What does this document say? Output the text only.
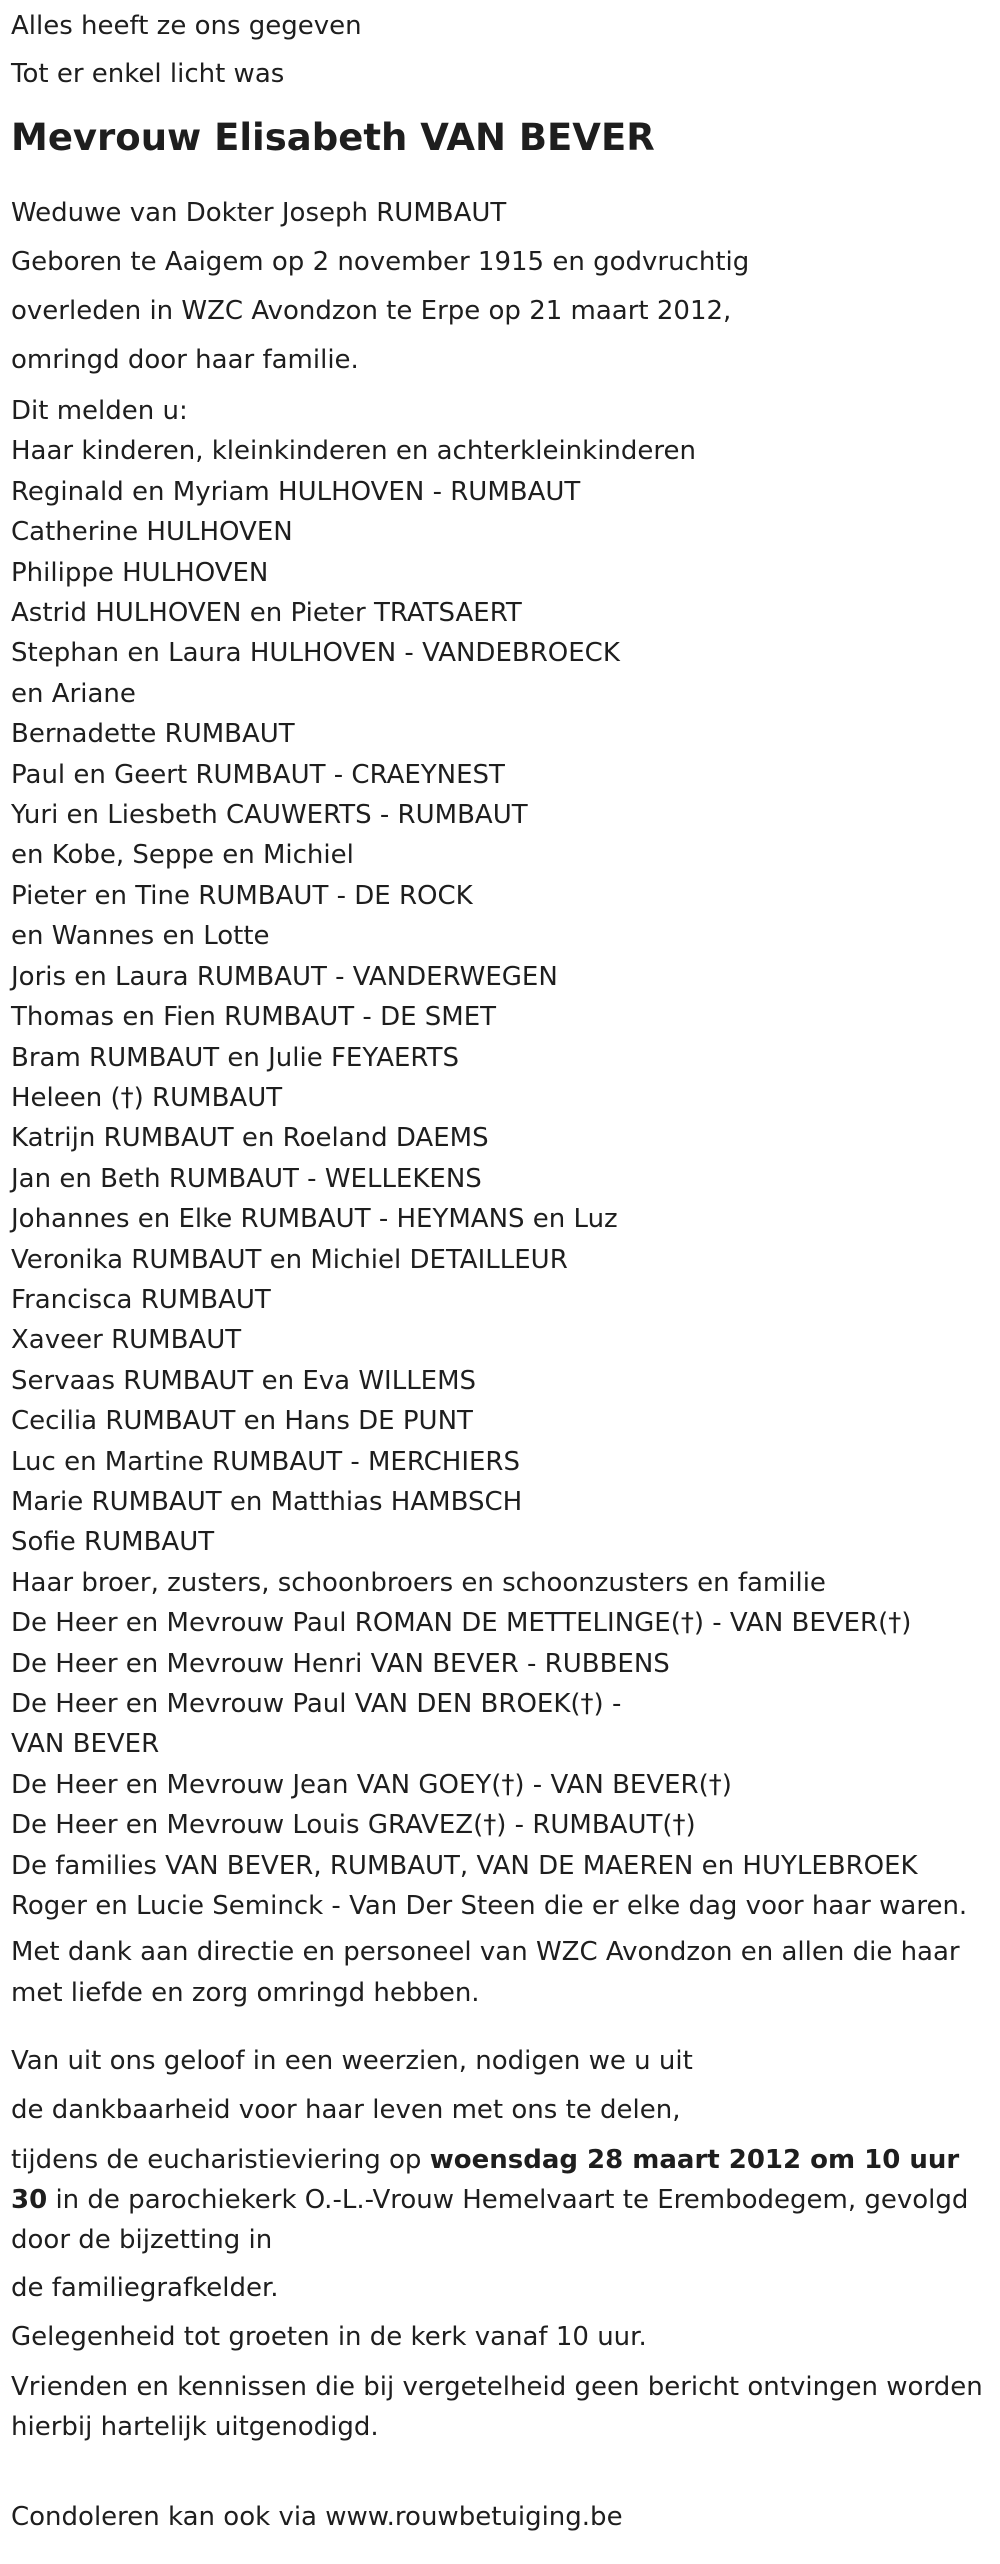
Alles heeft ze ons gegeven

Tot er enkel licht was

Mevrouw Elisabeth VAN BEVER

Weduwe van Dokter Joseph RUMBAUT

Geboren te Aaigem op 2 november 1915 en godvruchtig

overleden in WZC Avondzon te Erpe op 21 maart 2012,

omringd door haar familie.

Dit melden u:

Haar kinderen, kleinkinderen en achterkleinkinderen

Reginald en Myriam HULHOVEN - RUMBAUT

Catherine HULHOVEN

Philippe HULHOVEN

Astrid HULHOVEN en Pieter TRATSAERT

Stephan en Laura HULHOVEN - VANDEBROECK

en Ariane

Bernadette RUMBAUT

Paul en Geert RUMBAUT - CRAEYNEST

Yuri en Liesbeth CAUWERTS - RUMBAUT

en Kobe, Seppe en Michiel

Pieter en Tine RUMBAUT - DE ROCK

en Wannes en Lotte

Joris en Laura RUMBAUT - VANDERWEGEN

Thomas en Fien RUMBAUT - DE SMET

Bram RUMBAUT en Julie FEYAERTS

Heleen (†) RUMBAUT

Katrijn RUMBAUT en Roeland DAEMS

Jan en Beth RUMBAUT - WELLEKENS

Johannes en Elke RUMBAUT - HEYMANS en Luz

Veronika RUMBAUT en Michiel DETAILLEUR

Francisca RUMBAUT

Xaveer RUMBAUT

Servaas RUMBAUT en Eva WILLEMS

Cecilia RUMBAUT en Hans DE PUNT

Luc en Martine RUMBAUT - MERCHIERS

Marie RUMBAUT en Matthias HAMBSCH

Sofie RUMBAUT

Haar broer, zusters, schoonbroers en schoonzusters en familie

De Heer en Mevrouw Paul ROMAN DE METTELINGE(†) - VAN BEVER(†)

De Heer en Mevrouw Henri VAN BEVER - RUBBENS

De Heer en Mevrouw Paul VAN DEN BROEK(†) -

VAN BEVER

De Heer en Mevrouw Jean VAN GOEY(†) - VAN BEVER(†)

De Heer en Mevrouw Louis GRAVEZ(†) - RUMBAUT(†)

De families VAN BEVER, RUMBAUT, VAN DE MAEREN en HUYLEBROEK

Roger en Lucie Seminck - Van Der Steen die er elke dag voor haar waren.

Met dank aan directie en personeel van WZC Avondzon en allen die haar met liefde en zorg omringd hebben.

Van uit ons geloof in een weerzien, nodigen we u uit

de dankbaarheid voor haar leven met ons te delen,

tijdens de eucharistieviering op woensdag 28 maart 2012 om 10 uur 30 in de parochiekerk O.-L.-Vrouw Hemelvaart te Erembodegem, gevolgd door de bijzetting in

de familiegrafkelder.

Gelegenheid tot groeten in de kerk vanaf 10 uur.

Vrienden en kennissen die bij vergetelheid geen bericht ontvingen worden hierbij hartelijk uitgenodigd.

Condoleren kan ook via www.rouwbetuiging.be
